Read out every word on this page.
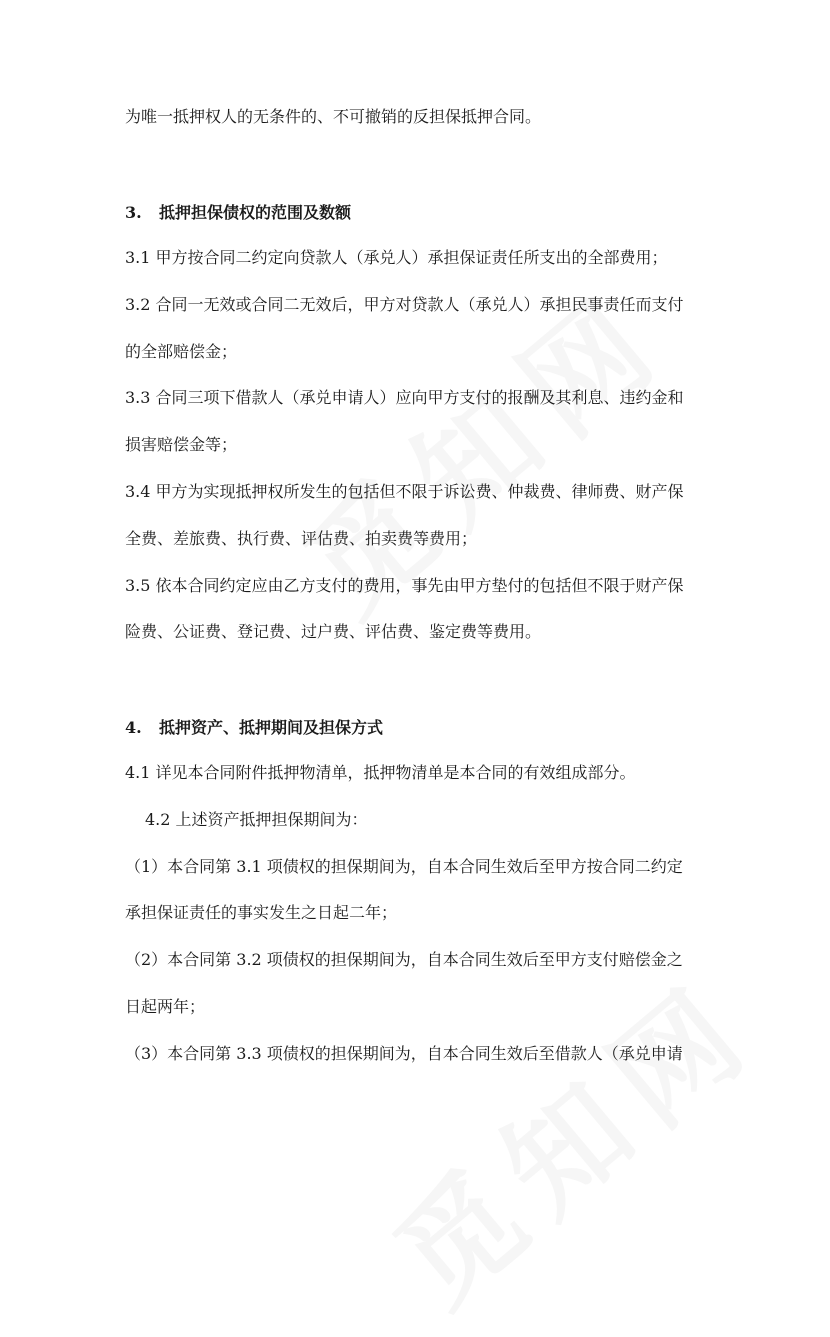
为唯一抵押权人的无条件的、不可撤销的反担保抵押合同。
3. 抵押担保债权的范围及数额
3.1 甲方按合同二约定向贷款人（承兑人）承担保证责任所支出的全部费用；
3.2 合同一无效或合同二无效后，甲方对贷款人（承兑人）承担民事责任而支付
的全部赔偿金；
3.3 合同三项下借款人（承兑申请人）应向甲方支付的报酬及其利息、违约金和
损害赔偿金等；
3.4 甲方为实现抵押权所发生的包括但不限于诉讼费、仲裁费、律师费、财产保
全费、差旅费、执行费、评估费、拍卖费等费用；
3.5 依本合同约定应由乙方支付的费用，事先由甲方垫付的包括但不限于财产保
险费、公证费、登记费、过户费、评估费、鉴定费等费用。
4. 抵押资产、抵押期间及担保方式
4.1 详见本合同附件抵押物清单，抵押物清单是本合同的有效组成部分。
4.2 上述资产抵押担保期间为：
（1）本合同第 3.1 项债权的担保期间为，自本合同生效后至甲方按合同二约定
承担保证责任的事实发生之日起二年；
（2）本合同第 3.2 项债权的担保期间为，自本合同生效后至甲方支付赔偿金之
日起两年；
（3）本合同第 3.3 项债权的担保期间为，自本合同生效后至借款人（承兑申请
